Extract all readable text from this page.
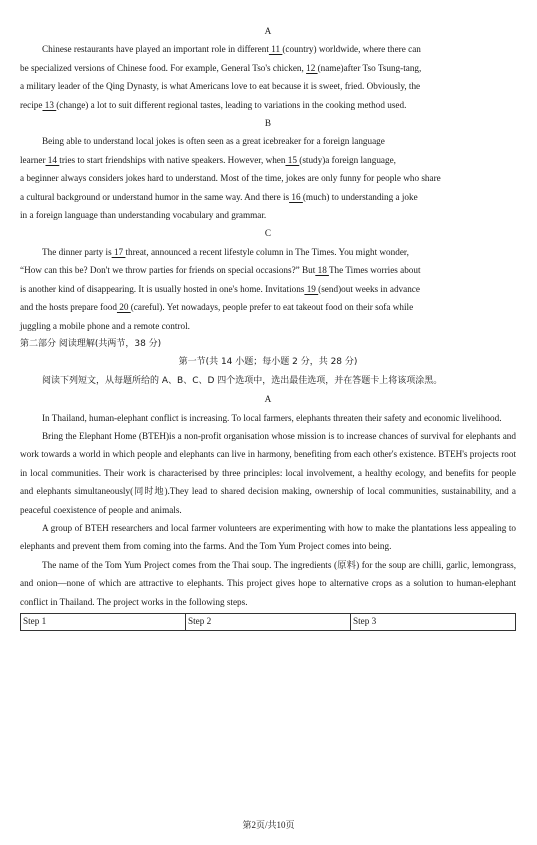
A

Chinese restaurants have played an important role in different 11 (country) worldwide, where there can

be specialized versions of Chinese food. For example, General Tso's chicken, 12 (name)after Tso Tsung-tang,

a military leader of the Qing Dynasty, is what Americans love to eat because it is sweet, fried. Obviously, the

recipe 13 (change) a lot to suit different regional tastes, leading to variations in the cooking method used.

B

Being able to understand local jokes is often seen as a great icebreaker for a foreign language

learner 14 tries to start friendships with native speakers. However, when 15 (study)a foreign language,

a beginner always considers jokes hard to understand. Most of the time, jokes are only funny for people who share

a cultural background or understand humor in the same way. And there is 16 (much) to understanding a joke

in a foreign language than understanding vocabulary and grammar.

C

The dinner party is 17 threat, announced a recent lifestyle column in The Times. You might wonder,

“How can this be? Don't we throw parties for friends on special occasions?” But 18 The Times worries about

is another kind of disappearing. It is usually hosted in one's home. Invitations 19 (send)out weeks in advance

and the hosts prepare food 20 (careful). Yet nowadays, people prefer to eat takeout food on their sofa while

juggling a mobile phone and a remote control.

第二部分 阅读理解(共两节，38 分)

第一节(共 14 小题；每小题 2 分，共 28 分)

阅读下列短文，从每题所给的 A、B、C、D 四个选项中，选出最佳选项，并在答题卡上将该项涂黑。

A

In Thailand, human-elephant conflict is increasing. To local farmers, elephants threaten their safety and economic livelihood.

Bring the Elephant Home (BTEH)is a non-profit organisation whose mission is to increase chances of survival for elephants and work towards a world in which people and elephants can live in harmony, benefiting from each other's existence. BTEH's projects root in local communities. Their work is characterised by three principles: local involvement, a healthy ecology, and benefits for people and elephants simultaneously(同时地).They lead to shared decision making, ownership of local communities, sustainability, and a peaceful coexistence of people and animals.

A group of BTEH researchers and local farmer volunteers are experimenting with how to make the plantations less appealing to elephants and prevent them from coming into the farms. And the Tom Yum Project comes into being.

The name of the Tom Yum Project comes from the Thai soup. The ingredients (原料) for the soup are chilli, garlic, lemongrass, and onion—none of which are attractive to elephants. This project gives hope to alternative crops as a solution to human-elephant conflict in Thailand. The project works in the following steps.

Step 1	Step 2	Step 3
第2页/共10页
